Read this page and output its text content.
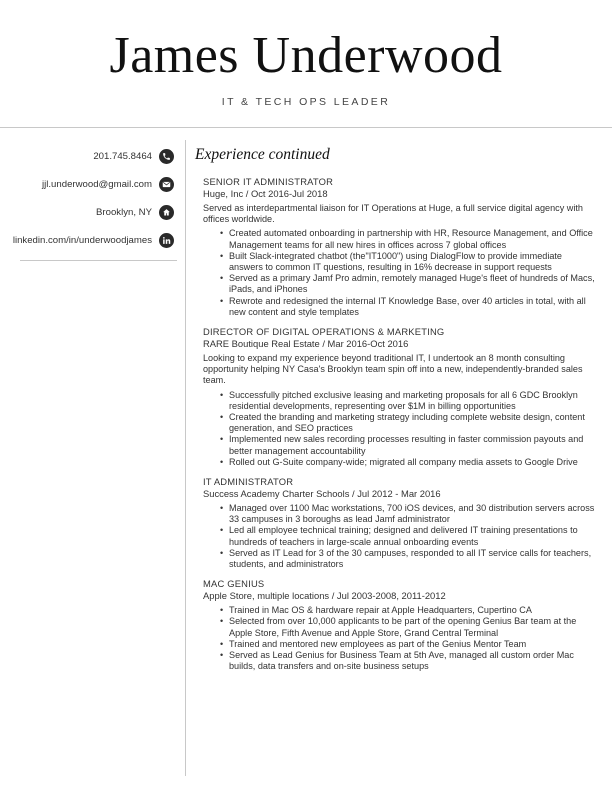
James Underwood
IT & TECH OPS LEADER
201.745.8464
jjl.underwood@gmail.com
Brooklyn, NY
linkedin.com/in/underwoodjames
Experience continued
SENIOR IT ADMINISTRATOR
Huge, Inc / Oct 2016-Jul 2018
Served as interdepartmental liaison for IT Operations at Huge, a full service digital agency with offices worldwide.
• Created automated onboarding in partnership with HR, Resource Management, and Office Management teams for all new hires in offices across 7 global offices
• Built Slack-integrated chatbot (the"IT1000") using DialogFlow to provide immediate answers to common IT questions, resulting in 16% decrease in support requests
• Served as a primary Jamf Pro admin, remotely managed Huge's fleet of hundreds of Macs, iPads, and iPhones
• Rewrote and redesigned the internal IT Knowledge Base, over 40 articles in total, with all new content and style templates
DIRECTOR OF DIGITAL OPERATIONS & MARKETING
RARE Boutique Real Estate / Mar 2016-Oct 2016
Looking to expand my experience beyond traditional IT, I undertook an 8 month consulting opportunity helping NY Casa's Brooklyn team spin off into a new, independently-branded sales team.
• Successfully pitched exclusive leasing and marketing proposals for all 6 GDC Brooklyn residential developments, representing over $1M in billing opportunities
• Created the branding and marketing strategy including complete website design, content generation, and SEO practices
• Implemented new sales recording processes resulting in faster commission payouts and better management accountability
• Rolled out G-Suite company-wide; migrated all company media assets to Google Drive
IT ADMINISTRATOR
Success Academy Charter Schools / Jul 2012 - Mar 2016
• Managed over 1100 Mac workstations, 700 iOS devices, and 30 distribution servers across 33 campuses in 3 boroughs as lead Jamf administrator
• Led all employee technical training; designed and delivered IT training presentations to hundreds of teachers in large-scale annual onboarding events
• Served as IT Lead for 3 of the 30 campuses, responded to all IT service calls for teachers, students, and administrators
MAC GENIUS
Apple Store, multiple locations / Jul 2003-2008, 2011-2012
• Trained in Mac OS & hardware repair at Apple Headquarters, Cupertino CA
• Selected from over 10,000 applicants to be part of the opening Genius Bar team at the Apple Store, Fifth Avenue and Apple Store, Grand Central Terminal
• Trained and mentored new employees as part of the Genius Mentor Team
• Served as Lead Genius for Business Team at 5th Ave, managed all custom order Mac builds, data transfers and on-site business setups
